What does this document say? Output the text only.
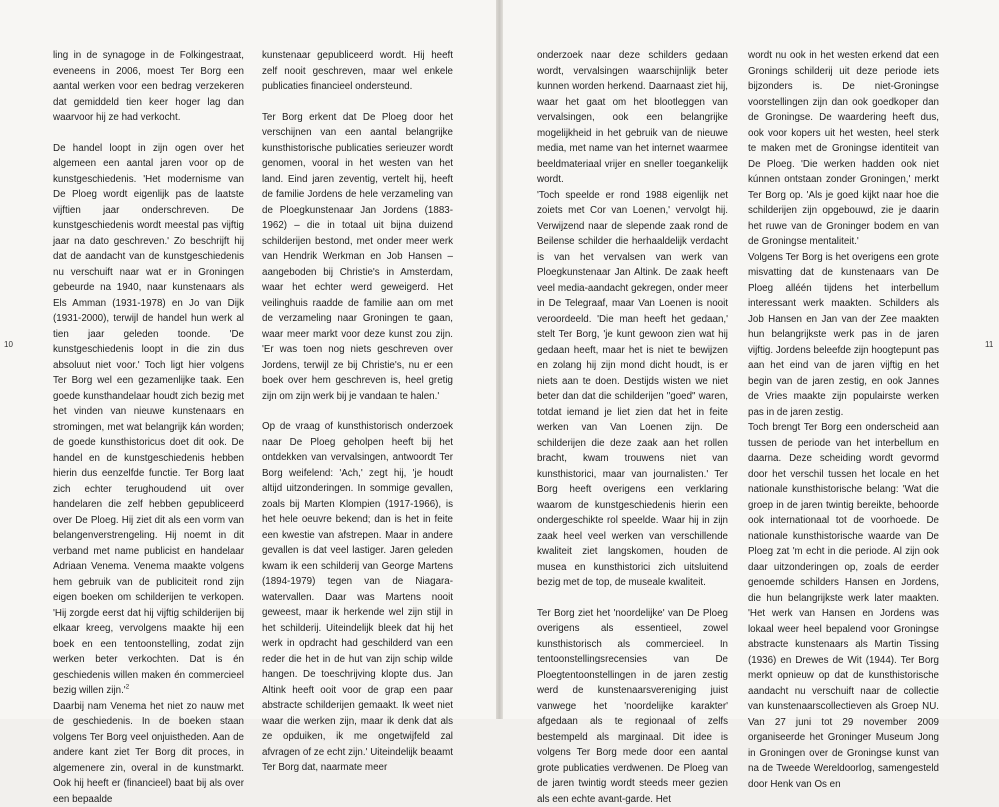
ling in de synagoge in de Folkingestraat, evenеens in 2006, moest Ter Borg een aantal werken voor een bedrag verzekeren dat gemiddeld tien keer hoger lag dan waarvoor hij ze had verkocht.

De handel loopt in zijn ogen over het algemeen een aantal jaren voor op de kunstgeschiedenis. 'Het modernisme van De Ploeg wordt eigenlijk pas de laatste vijftien jaar onderschreven. De kunstgeschiedenis wordt meestal pas vijftig jaar na dato geschreven.' Zo beschrijft hij dat de aandacht van de kunstgeschiedenis nu verschuift naar wat er in Groningen gebeurde na 1940, naar kunstenaars als Els Amman (1931-1978) en Jo van Dijk (1931-2000), terwijl de handel hun werk al tien jaar geleden toonde. 'De kunstgeschiedenis loopt in die zin dus absoluut niet voor.' Toch ligt hier volgens Ter Borg wel een gezamenlijke taak. Een goede kunsthandelaar houdt zich bezig met het vinden van nieuwe kunstenaars en stromingen, met wat belangrijk kán worden; de goede kunsthistoricus doet dit ook. De handel en de kunstgeschiedenis hebben hierin dus eenzelfde functie. Ter Borg laat zich echter terughoudend uit over handelaren die zelf hebben gepubliceerd over De Ploeg. Hij ziet dit als een vorm van belangenverstrengeling. Hij noemt in dit verband met name publicist en handelaar Adriaan Venema. Venema maakte volgens hem gebruik van de publiciteit rond zijn eigen boeken om schilderijen te verkopen. 'Hij zorgde eerst dat hij vijftig schilderijen bij elkaar kreeg, vervolgens maakte hij een boek en een tentoonstelling, zodat zijn werken beter verkochten. Dat is én geschiedenis willen maken én commercieel bezig willen $zijn.'^2$

Daarbij nam Venema het niet zo nauw met de geschiedenis. In de boeken staan volgens Ter Borg veel onjuistheden. Aan de andere kant ziet Ter Borg dit proces, in algemenere zin, overal in de kunstmarkt. Ook hij heeft er (financieel) baat bij als over een bepaalde

kunstenaar gepubliceerd wordt. Hij heeft zelf nooit geschreven, maar wel enkele publicaties financieel ondersteund.

Ter Borg erkent dat De Ploeg door het verschijnen van een aantal belangrijke kunsthistorische publicaties serieuzer wordt genomen, vooral in het westen van het land. Eind jaren zeventig, vertelt hij, heeft de familie Jordens de hele verzameling van de Ploegkunstenaar Jan Jordens (1883-1962) – die in totaal uit bijna duizend schilderijen bestond, met onder meer werk van Hendrik Werkman en Job Hansen – aangeboden bij Christie's in Amsterdam, waar het echter werd geweigerd. Het veilinghuis raadde de familie aan om met de verzameling naar Groningen te gaan, waar meer markt voor deze kunst zou zijn. 'Er was toen nog niets geschreven over Jordens, terwijl ze bij Christie's, nu er een boek over hem geschreven is, heel gretig zijn om zijn werk bij je vandaan te halen.'

Op de vraag of kunsthistorisch onderzoek naar De Ploeg geholpen heeft bij het ontdekken van vervalsingen, antwoordt Ter Borg weifelend: 'Ach,' zegt hij, 'je houdt altijd uitzonderingen. In sommige gevallen, zoals bij Marten Klompien (1917-1966), is het hele oeuvre bekend; dan is het in feite een kwestie van afstrepen. Maar in andere gevallen is dat veel lastiger. Jaren geleden kwam ik een schilderij van George Martens (1894-1979) tegen van de Niagara-watervallen. Daar was Martens nooit geweest, maar ik herkende wel zijn stijl in het schilderij. Uiteindelijk bleek dat hij het werk in opdracht had geschilderd van een reder die het in de hut van zijn schip wilde hangen. De toeschrijving klopte dus. Jan Altink heeft ooit voor de grap een paar abstracte schilderijen gemaakt. Ik weet niet waar die werken zijn, maar ik denk dat als ze opduiken, ik me ongetwijfeld zal afvragen of ze echt zijn.' Uiteindelijk beaamt Ter Borg dat, naarmate meer

10

onderzoek naar deze schilders gedaan wordt, vervalsingen waarschijnlijk beter kunnen worden herkend. Daarnaast ziet hij, waar het gaat om het blootleggen van vervalsingen, ook een belangrijke mogelijkheid in het gebruik van de nieuwe media, met name van het internet waarmee beeldmateriaal vrijer en sneller toegankelijk wordt.

'Toch speelde er rond 1988 eigenlijk net zoiets met Cor van Loenen,' vervolgt hij. Verwijzend naar de slepende zaak rond de Beilense schilder die herhaaldelijk verdacht is van het vervalsen van werk van Ploegkunstenaar Jan Altink. De zaak heeft veel media-aandacht gekregen, onder meer in De Telegraaf, maar Van Loenen is nooit veroordeeld. 'Die man heeft het gedaan,' stelt Ter Borg, 'je kunt gewoon zien wat hij gedaan heeft, maar het is niet te bewijzen en zolang hij zijn mond dicht houdt, is er niets aan te doen. Destijds wisten we niet beter dan dat die schilderijen "goed" waren, totdat iemand je liet zien dat het in feite werken van Van Loenen zijn. De schilderijen die deze zaak aan het rollen bracht, kwam trouwens niet van kunsthistorici, maar van journalisten.' Ter Borg heeft overigens een verklaring waarom de kunstgeschiedenis hierin een ondergeschikte rol speelde. Waar hij in zijn zaak heel veel werken van verschillende kwaliteit ziet langskomen, houden de musea en kunsthistorici zich uitsluitend bezig met de top, de museale kwaliteit.

Ter Borg ziet het 'noordelijke' van De Ploeg overigens als essentieel, zowel kunsthistorisch als commercieel. In tentoonstellingsrecensies van De Ploegtentoonstellingen in de jaren zestig werd de kunstenaarsvereniging juist vanwege het 'noordelijke karakter' afgedaan als te regionaal of zelfs bestempeld als marginaal. Dit idee is volgens Ter Borg mede door een aantal grote publicaties verdwenen. De Ploeg van de jaren twintig wordt steeds meer gezien als een echte avant-garde. Het

wordt nu ook in het westen erkend dat een Gronings schilderij uit deze periode iets bijzonders is. De niet-Groningse voorstellingen zijn dan ook goedkoper dan de Groningse. De waardering heeft dus, ook voor kopers uit het westen, heel sterk te maken met de Groningse identiteit van De Ploeg. 'Die werken hadden ook niet kúnnen ontstaan zonder Groningen,' merkt Ter Borg op. 'Als je goed kijkt naar hoe die schilderijen zijn opgebouwd, zie je daarin het ruwe van de Groninger bodem en van de Groningse mentaliteit.'

Volgens Ter Borg is het overigens een grote misvatting dat de kunstenaars van De Ploeg alléén tijdens het interbellum interessant werk maakten. Schilders als Job Hansen en Jan van der Zee maakten hun belangrijkste werk pas in de jaren vijftig. Jordens beleefde zijn hoogtepunt pas aan het eind van de jaren vijftig en het begin van de jaren zestig, en ook Jannes de Vries maakte zijn populairste werken pas in de jaren zestig.

Toch brengt Ter Borg een onderscheid aan tussen de periode van het interbellum en daarna. Deze scheiding wordt gevormd door het verschil tussen het locale en het nationale kunsthistorische belang: 'Wat die groep in de jaren twintig bereikte, behoorde ook internationaal tot de voorhoede. De nationale kunsthistorische waarde van De Ploeg zat 'm echt in die periode. Al zijn ook daar uitzonderingen op, zoals de eerder genoemde schilders Hansen en Jordens, die hun belangrijkste werk later maakten. 'Het werk van Hansen en Jordens was lokaal weer heel bepalend voor Groningse abstracte kunstenaars als Martin Tissing (1936) en Drewes de Wit (1944). Ter Borg merkt opnieuw op dat de kunsthistorische aandacht nu verschuift naar de collectie van kunstenaarscollectieven als Groep NU. Van 27 juni tot 29 november 2009 organiseerde het Groninger Museum Jong in Groningen over de Groningse kunst van na de Tweede Wereldoorlog, samengesteld door Henk van Os en

11
